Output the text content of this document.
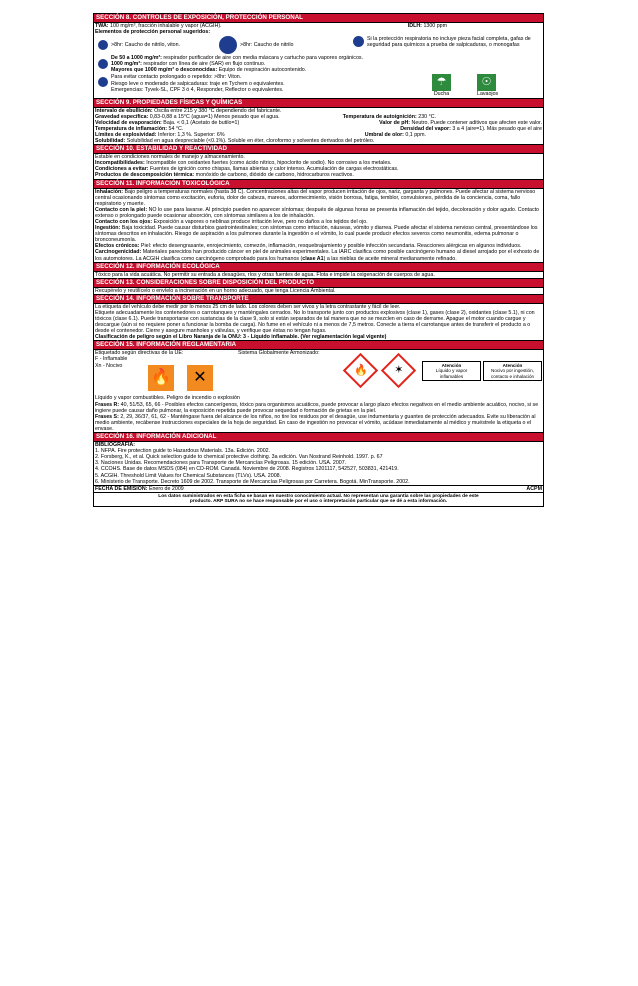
SECCIÓN 8. CONTROLES DE EXPOSICIÓN, PROTECCIÓN PERSONAL
TWA: 100 mg/m³, fracción inhalable y vapor (ACGIH).	IDLH: 1300 ppm
Elementos de protección personal sugeridos:
>8hr: Caucho de nitrilo, viton.	>8hr: Caucho de nitrilo
Si la protección respiratoria no incluye pieza facial completa, gafas de seguridad para químicos a prueba de salpicaduras, o monogafas
De 50 a 1000 mg/m³: respirador purificador de aire con media máscara y cartucho para vapores orgánicos.
1000 mg/m³: respirador con línea de aire (SAR) en flujo continuo.
Mayores que 1000 mg/m³ o desconocidas: Equipo de respiración autocontenido.
Para evitar contacto prolongado o repetido: >8hr: Viton.
Riesgo leve o moderado de salpicaduras: traje en Tychem o equivalentes.
Emergencias: Tyvek-SL, CPF 3 ó 4, Responder, Reflector o equivalentes.
☂
Ducha
☉
Lavaojos
SECCIÓN 9. PROPIEDADES FÍSICAS Y QUÍMICAS
Intervalo de ebullición: Oscila entre 215 y 380 °C dependiendo del fabricante.
Gravedad específica: 0,83-0,88 a 15°C (agua=1) Menos pesado que el agua.	Temperatura de autoignición: 230 °C.
Velocidad de evaporación: Baja. < 0,1 (Acetato de butilo=1)	Valor de pH: Neutro. Puede contener aditivos que afecten este valor.
Temperatura de inflamación: 54 °C.	Densidad del vapor: 3 a 4 (aire=1). Más pesado que el aire
Límites de explosividad: Inferior: 1,3 %. Superior: 6%	Umbral de olor: 0,1 ppm.
Solubilidad: Solubilidad en agua despreciable (<0.1%). Soluble en éter, cloroformo y solventes derivados del petróleo.
SECCIÓN 10. ESTABILIDAD Y REACTIVIDAD
Estable en condiciones normales de manejo y almacenamiento.
Incompatibilidades: Incompatible con oxidantes fuertes (como ácido nítrico, hipoclorito de sodio). No corrosivo a los metales.
Condiciones a evitar: Fuentes de ignición como chispas, llamas abiertas y calor intenso. Acumulación de cargas electrostáticas.
Productos de descomposición térmica: monóxido de carbono, dióxido de carbono, hidrocarburos reactivos.
SECCIÓN 11. INFORMACIÓN TOXICOLÓGICA
Inhalación: Bajo peligro a temperaturas normales (hasta 38 C). Concentraciones altas del vapor producen irritación de ojos, nariz, garganta y pulmones. Puede afectar al sistema nervioso central ocasionando síntomas como excitación, euforia, dolor de cabeza, mareos, adormecimiento, visión borrosa, fatiga, temblor, convulsiones, pérdida de la conciencia, coma, fallo respiratorio y muerte.
Contacto con la piel: NO lo use para lavarse. Al principio pueden no aparecer síntomas; después de algunas horas se presenta inflamación del tejido, decoloración y dolor agudo. Contacto extenso o prolongado puede ocasionar absorción, con síntomas similares a los de inhalación.
Contacto con los ojos: Exposición a vapores o neblinas produce irritación leve, pero no daños a los tejidos del ojo.
Ingestión: Baja toxicidad. Puede causar disturbios gastrointestinales; con síntomas como irritación, náuseas, vómito y diarrea. Puede afectar el sistema nervioso central, presentándose los síntomas descritos en inhalación. Riesgo de aspiración a los pulmones durante la ingestión o el vómito, lo cual puede producir efectos severos como neumonitis, edema pulmonar o bronconeumonía.
Efectos crónicos: Piel: efecto desengrasante, enrojecimiento, comezón, inflamación, resquebrajamiento y posible infección secundaria. Reacciones alérgicas en algunos individuos. Carcinogenicidad: Materiales parecidos han producido cáncer en piel de animales experimentales. La IARC clasifica como posible carcinógeno humano al diesel arrojado por el exhosto de los automotores. La ACGIH clasifica como carcinógeno comprobado para los humanos (clase A1) a las nieblas de aceite mineral medianamente refinado.
SECCIÓN 12. INFORMACIÓN ECOLÓGICA
Tóxico para la vida acuática. No permitir su entrada a desagües, ríos y otras fuentes de agua. Flota e impide la oxigenación de cuerpos de agua.
SECCIÓN 13. CONSIDERACIONES SOBRE DISPOSICIÓN DEL PRODUCTO
Recupérelo y reutilícelo o envíelo a incineración en un horno adecuado, que tenga Licencia Ambiental.
SECCIÓN 14. INFORMACIÓN SOBRE TRANSPORTE
La etiqueta del vehículo debe medir por lo menos 25 cm de lado. Los colores deben ser vivos y la letra contrastante y fácil de leer.
Etiquete adecuadamente los contenedores o carrotanques y manténgales cerrados. No lo transporte junto con productos explosivos (clase 1), gases (clase 2), oxidantes (clase 5.1), ni con tóxicos (clase 6.1). Puede transportarse con sustancias de la clase 9, solo si están separados de tal manera que no se mezclen en caso de derrame. Apague el motor cuando cargue y descargue (aún si no requiere poner a funcionar la bomba de carga). No fume en el vehículo ni a menos de 7,5 metros. Conecte a tierra el carrotanque antes de transferir el producto a o desde el contenedor. Cierre y asegure manholes y válvulas, y verifique que éstas no tengan fugas.
Clasificación de peligro según el Libro Naranja de la ONU: 3 - Líquido inflamable. (Ver reglamentación legal vigente)
SECCIÓN 15. INFORMACIÓN REGLAMENTARIA
Etiquetado según directivas de la UE:
F - Inflamable
Xn - Nocivo
Sistema Globalmente Armonizado:
🔥 ✶	Atención
Líquido y vapor inflamables
Atención
Nocivo por ingestión, contacto e inhalación
🔥	✕
Líquido y vapor combustibles. Peligro de incendio o explosión
Frases R: 40, 51/53, 65, 66 - Posibles efectos cancerígenos, tóxico para organismos acuáticos, puede provocar a largo plazo efectos negativos en el medio ambiente acuático, nocivo, si se ingiere puede causar daño pulmonar, la exposición repetida puede provocar sequedad o formación de grietas en la piel.
Frases S: 2, 29, 36/37, 61, 62 - Manténgase fuera del alcance de los niños, no tire los residuos por el desagüe, use indumentaria y guantes de protección adecuados. Evite su liberación al medio ambiente, recábense instrucciones especiales de la hoja de seguridad. En caso de ingestión no provocar el vómito, acúdase inmediatamente al médico y muéstrele la etiqueta o el envase.
SECCIÓN 16. INFORMACIÓN ADICIONAL
BIBLIOGRAFIA:
1. NFPA. Fire protection guide to Hazardous Materials. 13a. Edición. 2002.
2. Forsberg, K., et al. Quick selection guide to chemical protective clothing. 3a edición. Van Nostrand Reinhold. 1997. p. 67
3. Naciones Unidas. Recomendaciones para Transporte de Mercancías Peligrosas. 15 edición. USA. 2007.
4. CCOHS. Base de datos MSDS (084) en CD-ROM. Canadá. Noviembre de 2008. Registros 1201117, 542527, 503831, 421419.
5. ACGIH. Threshold Limit Values for Chemical Substances (TLVs). USA. 2008.
6. Ministerio de Transporte. Decreto 1609 de 2002. Transporte de Mercancías Peligrosas por Carretera. Bogotá. MinTransporte. 2002.
FECHA DE EMISIÓN: Enero de 2009	ACPM
Los datos suministrados en esta ficha se basan en nuestro conocimiento actual. No representan una garantía sobre las propiedades de este producto. ARP SURA no se hace responsable por el uso o interpretación particular que se dé a esta información.
